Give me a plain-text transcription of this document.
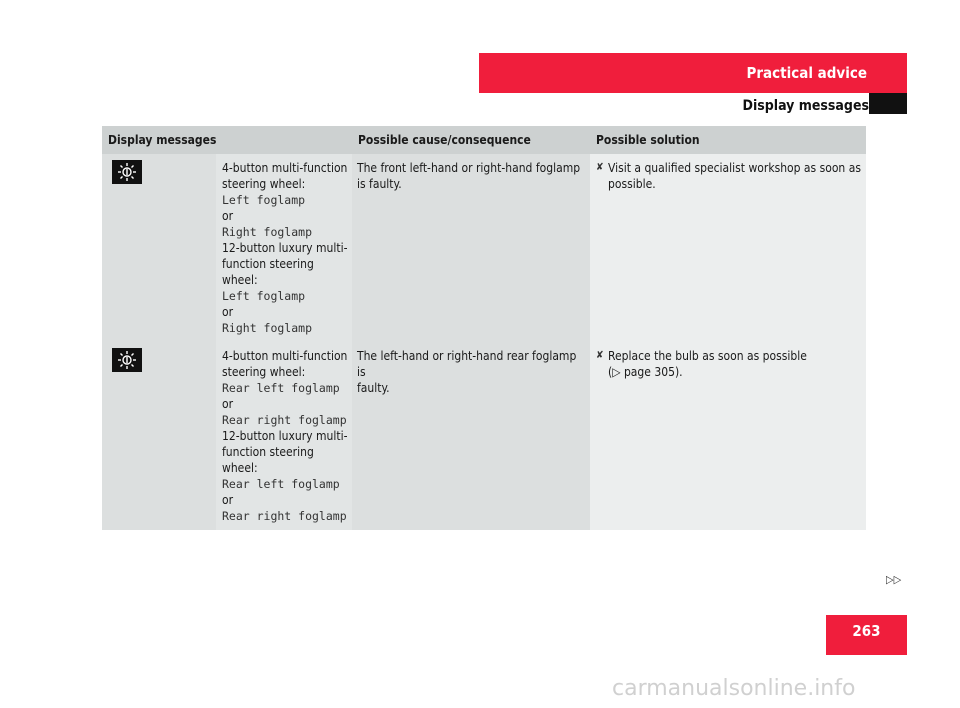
Practical advice
Display messages
Display messages	Possible cause/consequence	Possible solution
4-button multi-function
steering wheel:
Left foglamp
or
Right foglamp
12-button luxury multi-
function steering
wheel:
Left foglamp
or
Right foglamp
The front left-hand or right-hand foglamp
is faulty.
✘ Visit a qualified specialist workshop as soon as
possible.
4-button multi-function
steering wheel:
Rear left foglamp
or
Rear right foglamp
12-button luxury multi-
function steering
wheel:
Rear left foglamp
or
Rear right foglamp
The left-hand or right-hand rear foglamp is
faulty.
✘ Replace the bulb as soon as possible
(▷ page 305).
▷▷
263
carmanualsonline.info
